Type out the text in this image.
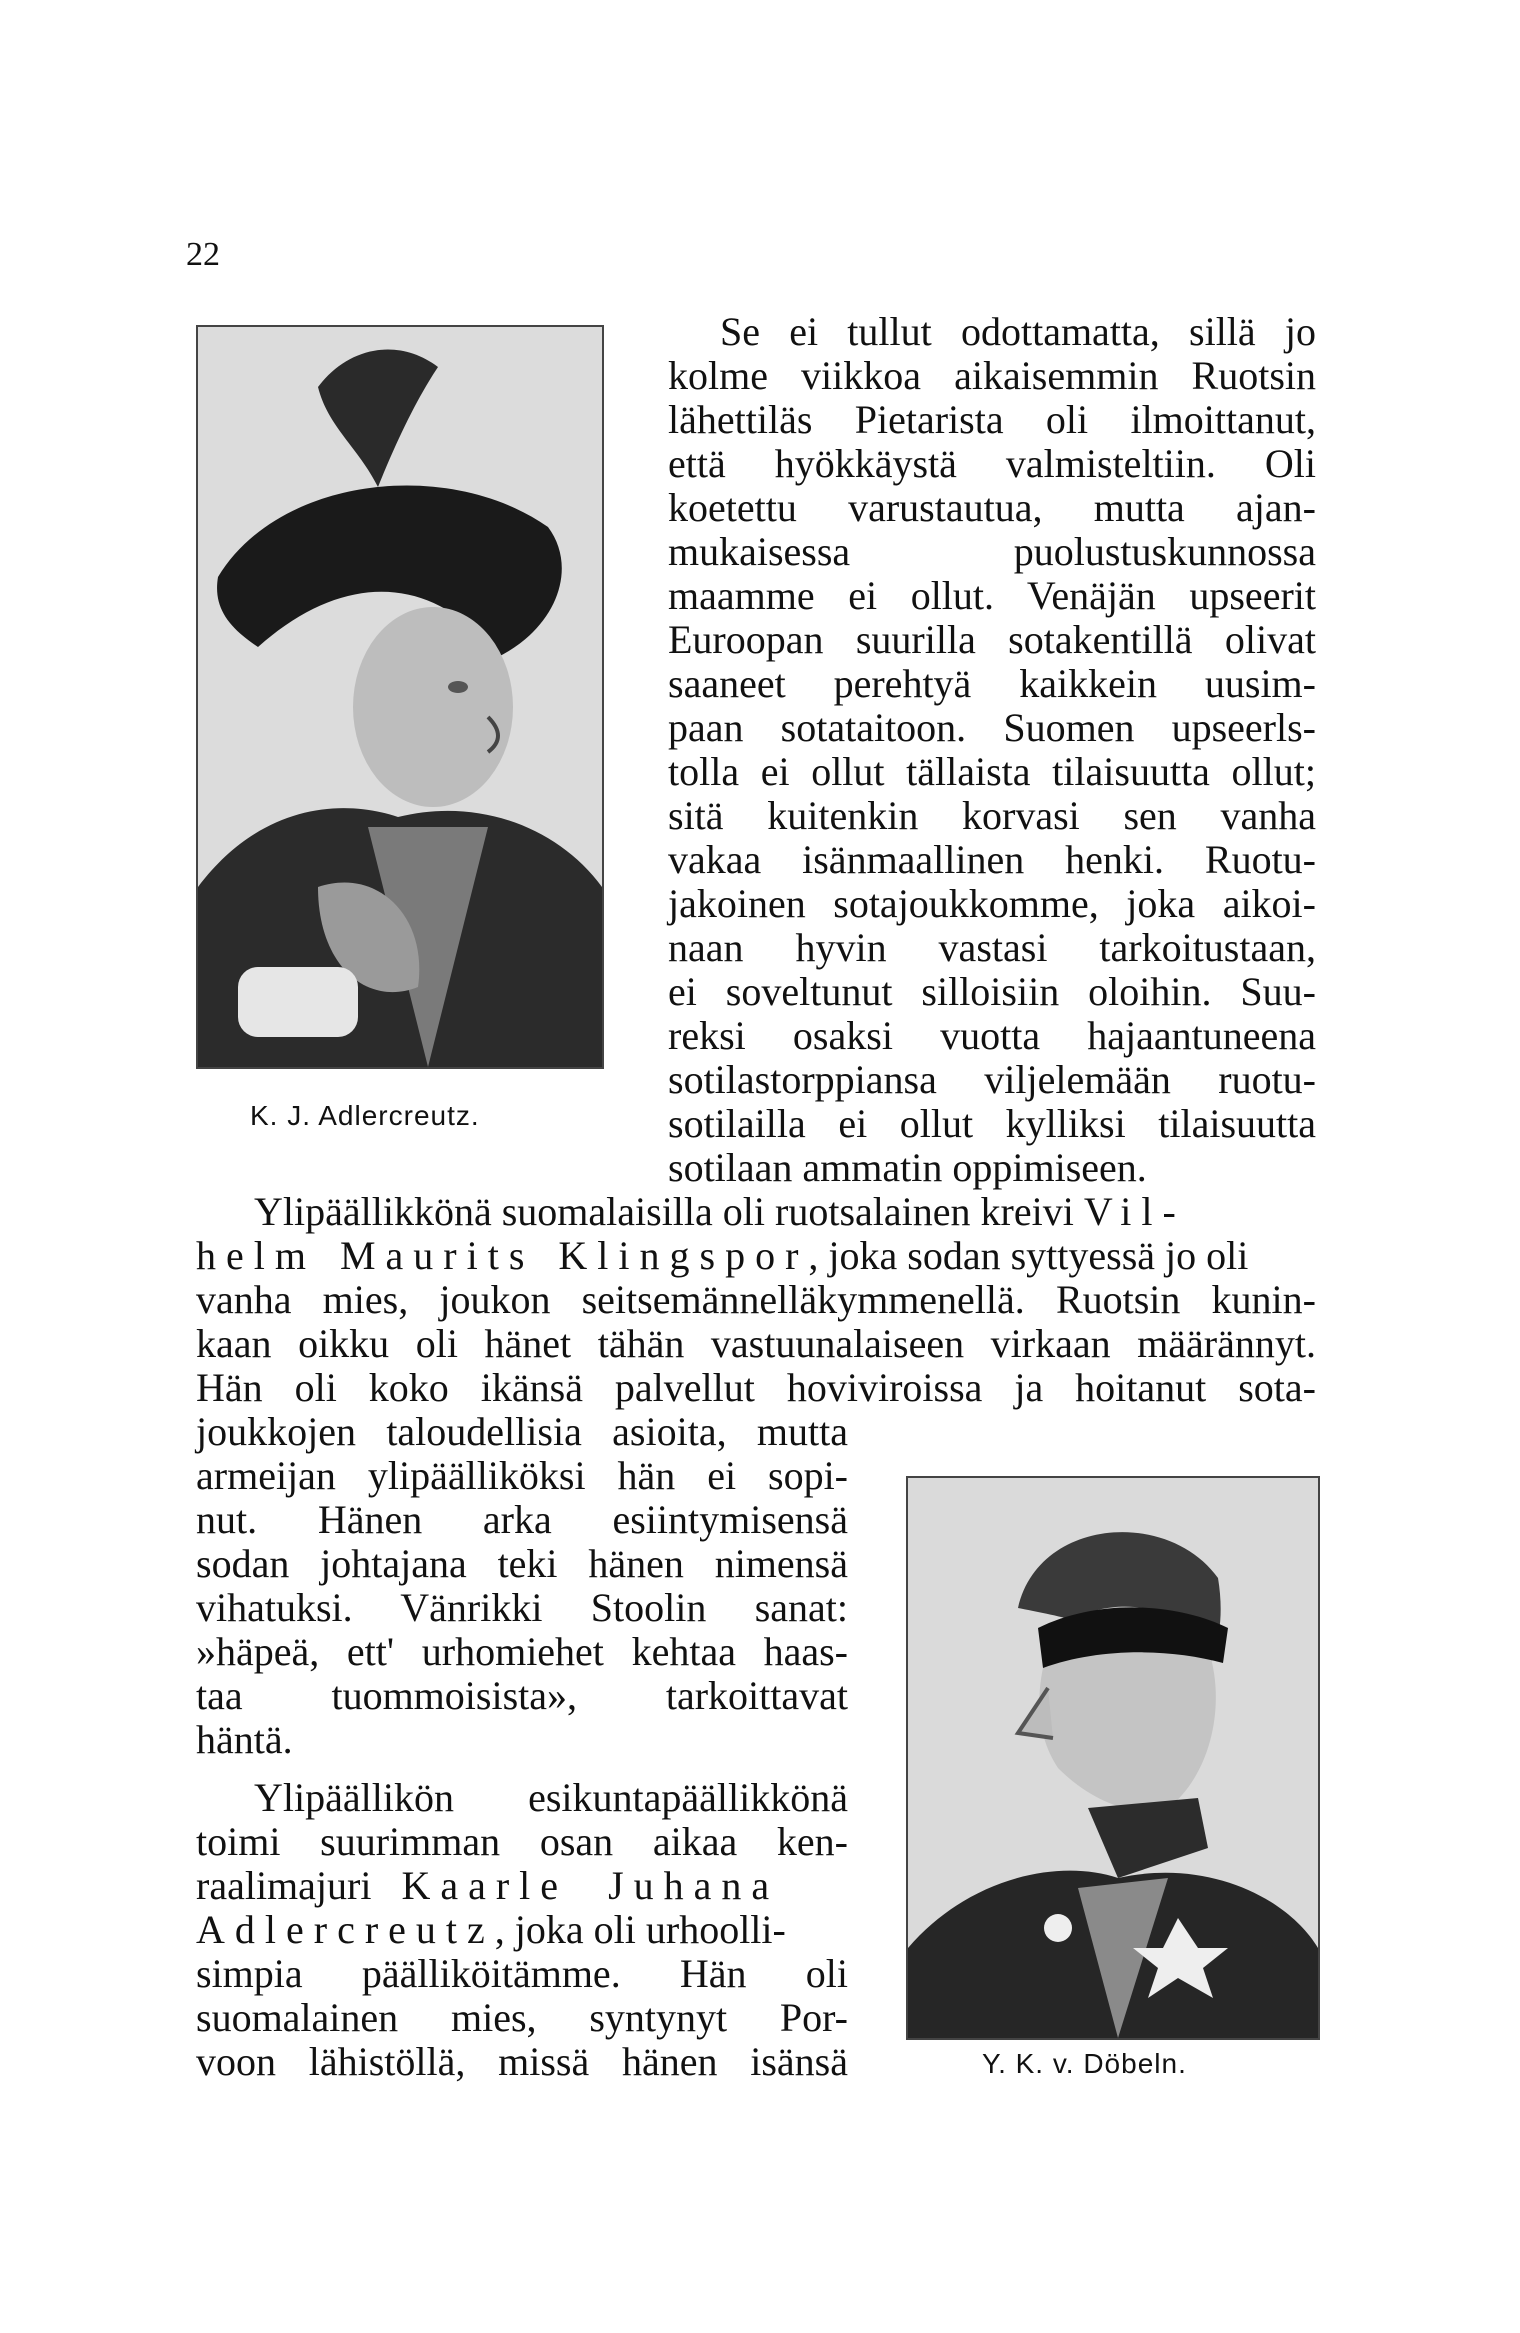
22
K. J. Adlercreutz.
Se ei tullut odottamatta, sillä jo
kolme viikkoa aikaisemmin Ruotsin
lähettiläs Pietarista oli ilmoittanut,
että hyökkäystä valmisteltiin. Oli
koetettu varustautua, mutta ajan-
mukaisessa puolustuskunnossa
maamme ei ollut. Venäjän upseerit
Euroopan suurilla sotakentillä olivat
saaneet perehtyä kaikkein uusim-
paan sotataitoon. Suomen upseerls-
tolla ei ollut tällaista tilaisuutta ollut;
sitä kuitenkin korvasi sen vanha
vakaa isänmaallinen henki. Ruotu-
jakoinen sotajoukkomme, joka aikoi-
naan hyvin vastasi tarkoitustaan,
ei soveltunut silloisiin oloihin. Suu-
reksi osaksi vuotta hajaantuneena
sotilastorppiansa viljelemään ruotu-
sotilailla ei ollut kylliksi tilaisuutta
sotilaan ammatin oppimiseen.
Ylipäällikkönä suomalaisilla oli ruotsalainen kreivi Vil-
helm Maurits Klingspor, joka sodan syttyessä jo oli
vanha mies, joukon seitsemännelläkymmenellä. Ruotsin kunin-
kaan oikku oli hänet tähän vastuunalaiseen virkaan määrännyt.
Hän oli koko ikänsä palvellut hoviviroissa ja hoitanut sota-
joukkojen taloudellisia asioita, mutta
armeijan ylipäälliköksi hän ei sopi-
nut. Hänen arka esiintymisensä
sodan johtajana teki hänen nimensä
vihatuksi. Vänrikki Stoolin sanat:
»häpeä, ett' urhomiehet kehtaa haas-
taa tuommoisista», tarkoittavat
häntä.
Ylipäällikön esikuntapäällikkönä
toimi suurimman osan aikaa ken-
raalimajuri Kaarle Juhana
Adlercreutz, joka oli urhoolli-
simpia päälliköitämme. Hän oli
suomalainen mies, syntynyt Por-
voon lähistöllä, missä hänen isänsä	Y. K. v. Döbeln.
